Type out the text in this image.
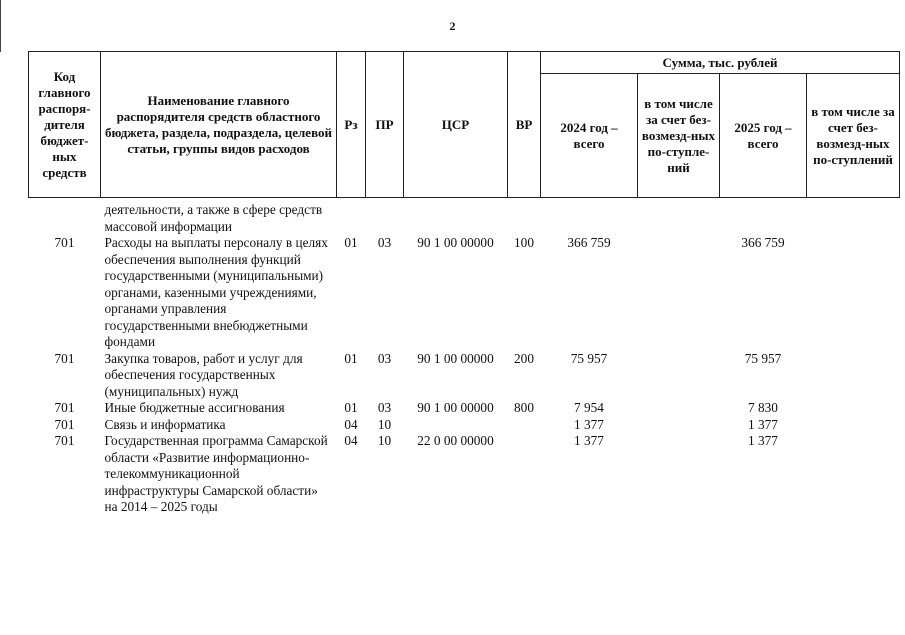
2
Код главного распоря-дителя бюджет-ных средств	Наименование главного распорядителя средств областного бюджета, раздела, подраздела, целевой статьи, группы видов расходов	Рз	ПР	ЦСР	ВР	Сумма, тыс. рублей			
						2024 год – всего	в том числе за счет без-возмезд-ных по-ступле-ний	2025 год – всего	в том числе за счет без-возмезд-ных по-ступлений

	деятельности, а также в сфере средств массовой информации								
701	Расходы на выплаты персоналу в целях обеспечения выполнения функций государственными (муниципальными) органами, казенными учреждениями, органами управления государственными внебюджетными фондами	01	03	90 1 00 00000	100	366 759		366 759	
701	Закупка товаров, работ и услуг для обеспечения государственных (муниципальных) нужд	01	03	90 1 00 00000	200	75 957		75 957	
701	Иные бюджетные ассигнования	01	03	90 1 00 00000	800	7 954		7 830	
701	Связь и информатика	04	10			1 377		1 377	
701	Государственная программа Самарской области «Развитие информационно-телекоммуникационной инфраструктуры Самарской области» на 2014 – 2025 годы	04	10	22 0 00 00000		1 377		1 377	
